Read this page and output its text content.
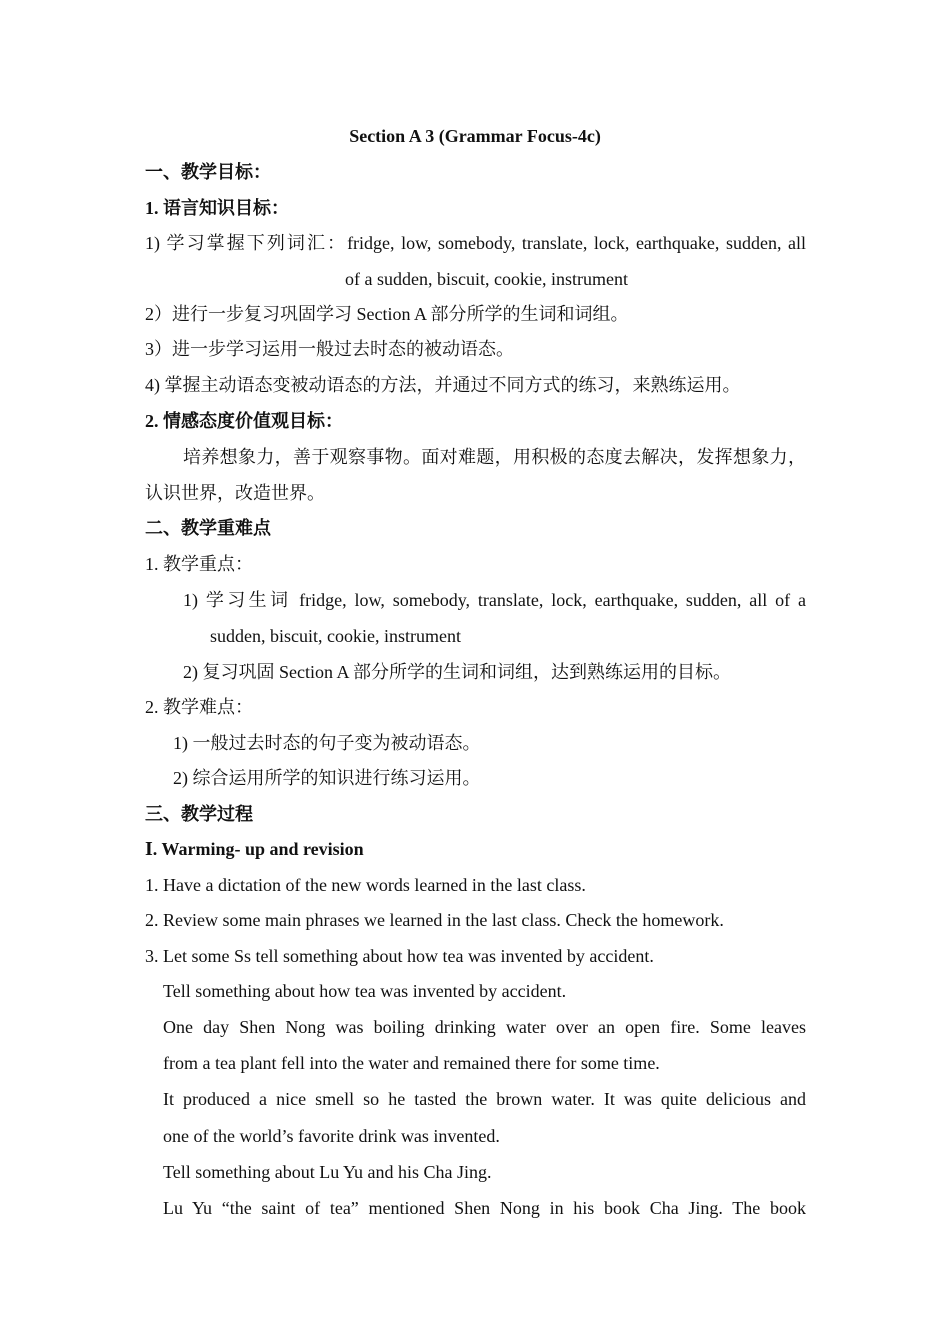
Section A 3 (Grammar Focus-4c)
一、教学目标：
1. 语言知识目标：
1) 学习掌握下列词汇：fridge, low, somebody, translate, lock, earthquake, sudden, all
of a sudden, biscuit, cookie, instrument
2）进行一步复习巩固学习 Section A 部分所学的生词和词组。
3）进一步学习运用一般过去时态的被动语态。
4) 掌握主动语态变被动语态的方法，并通过不同方式的练习，来熟练运用。
2. 情感态度价值观目标：
培养想象力，善于观察事物。面对难题，用积极的态度去解决，发挥想象力，
认识世界，改造世界。
二、教学重难点
1. 教学重点：
1) 学习生词 fridge, low, somebody, translate, lock, earthquake, sudden, all of a
sudden, biscuit, cookie, instrument
2) 复习巩固 Section A 部分所学的生词和词组，达到熟练运用的目标。
2. 教学难点：
1) 一般过去时态的句子变为被动语态。
2) 综合运用所学的知识进行练习运用。
三、教学过程
I. Warming- up and revision
1. Have a dictation of the new words learned in the last class.
2. Review some main phrases we learned in the last class. Check the homework.
3. Let some Ss tell something about how tea was invented by accident.
Tell something about how tea was invented by accident.
One day Shen Nong was boiling drinking water over an open fire. Some leaves
from a tea plant fell into the water and remained there for some time.
It produced a nice smell so he tasted the brown water. It was quite delicious and
one of the world’s favorite drink was invented.
Tell something about Lu Yu and his Cha Jing.
Lu Yu “the saint of tea” mentioned Shen Nong in his book Cha Jing. The book
